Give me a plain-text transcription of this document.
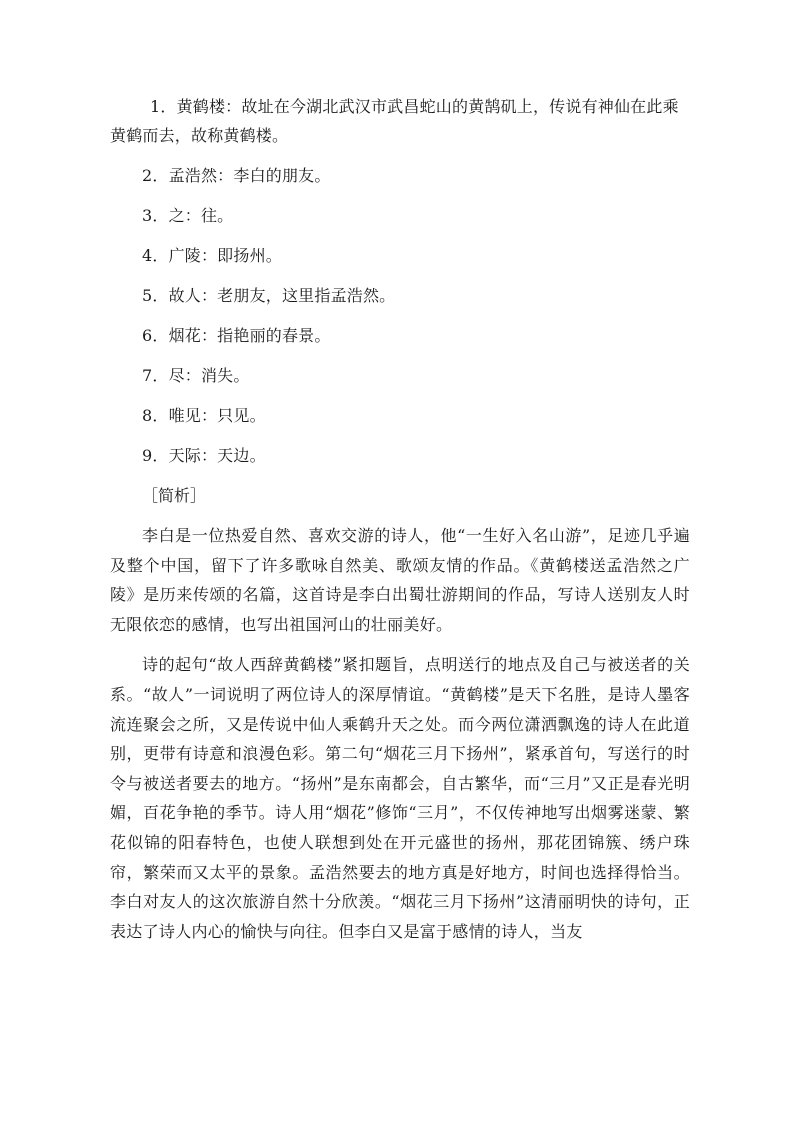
1．黄鹤楼：故址在今湖北武汉市武昌蛇山的黄鹄矶上，传说有神仙在此乘黄鹤而去，故称黄鹤楼。

2．孟浩然：李白的朋友。

3．之：往。

4．广陵：即扬州。

5．故人：老朋友，这里指孟浩然。

6．烟花：指艳丽的春景。

7．尽：消失。

8．唯见：只见。

9．天际：天边。

［简析］

李白是一位热爱自然、喜欢交游的诗人，他“一生好入名山游”，足迹几乎遍及整个中国，留下了许多歌咏自然美、歌颂友情的作品。《黄鹤楼送孟浩然之广陵》是历来传颂的名篇，这首诗是李白出蜀壮游期间的作品，写诗人送别友人时无限依恋的感情，也写出祖国河山的壮丽美好。

诗的起句“故人西辞黄鹤楼”紧扣题旨，点明送行的地点及自己与被送者的关系。“故人”一词说明了两位诗人的深厚情谊。“黄鹤楼”是天下名胜，是诗人墨客流连聚会之所，又是传说中仙人乘鹤升天之处。而今两位潇洒飘逸的诗人在此道别，更带有诗意和浪漫色彩。第二句“烟花三月下扬州”，紧承首句，写送行的时令与被送者要去的地方。“扬州”是东南都会，自古繁华，而“三月”又正是春光明媚，百花争艳的季节。诗人用“烟花”修饰“三月”，不仅传神地写出烟雾迷蒙、繁花似锦的阳春特色，也使人联想到处在开元盛世的扬州，那花团锦簇、绣户珠帘，繁荣而又太平的景象。孟浩然要去的地方真是好地方，时间也选择得恰当。李白对友人的这次旅游自然十分欣羡。“烟花三月下扬州”这清丽明快的诗句，正表达了诗人内心的愉快与向往。但李白又是富于感情的诗人，当友
